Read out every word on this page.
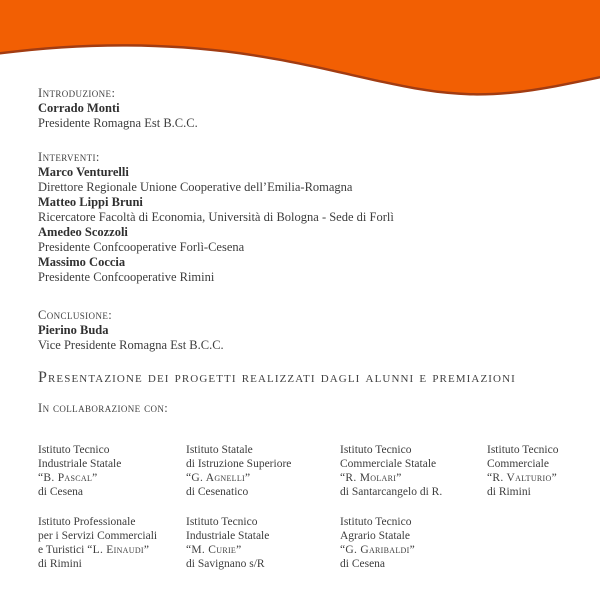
Introduzione:
Corrado Monti
Presidente Romagna Est B.C.C.
Interventi:
Marco Venturelli
Direttore Regionale Unione Cooperative dell’Emilia-Romagna
Matteo Lippi Bruni
Ricercatore Facoltà di Economia, Università di Bologna - Sede di Forlì
Amedeo Scozzoli
Presidente Confcooperative Forlì-Cesena
Massimo Coccia
Presidente Confcooperative Rimini
Conclusione:
Pierino Buda
Vice Presidente Romagna Est B.C.C.
Presentazione dei progetti realizzati dagli alunni e premiazioni
In collaborazione con:
Istituto Tecnico
Industriale Statale
“B. Pascal”
di Cesena
Istituto Statale
di Istruzione Superiore
“G. Agnelli”
di Cesenatico
Istituto Tecnico
Commerciale Statale
“R. Molari”
di Santarcangelo di R.
Istituto Tecnico
Commerciale
“R. Valturio”
di Rimini
Istituto Professionale
per i Servizi Commerciali
e Turistici “L. Einaudi”
di Rimini
Istituto Tecnico
Industriale Statale
“M. Curie”
di Savignano s/R
Istituto Tecnico
Agrario Statale
“G. Garibaldi”
di Cesena
